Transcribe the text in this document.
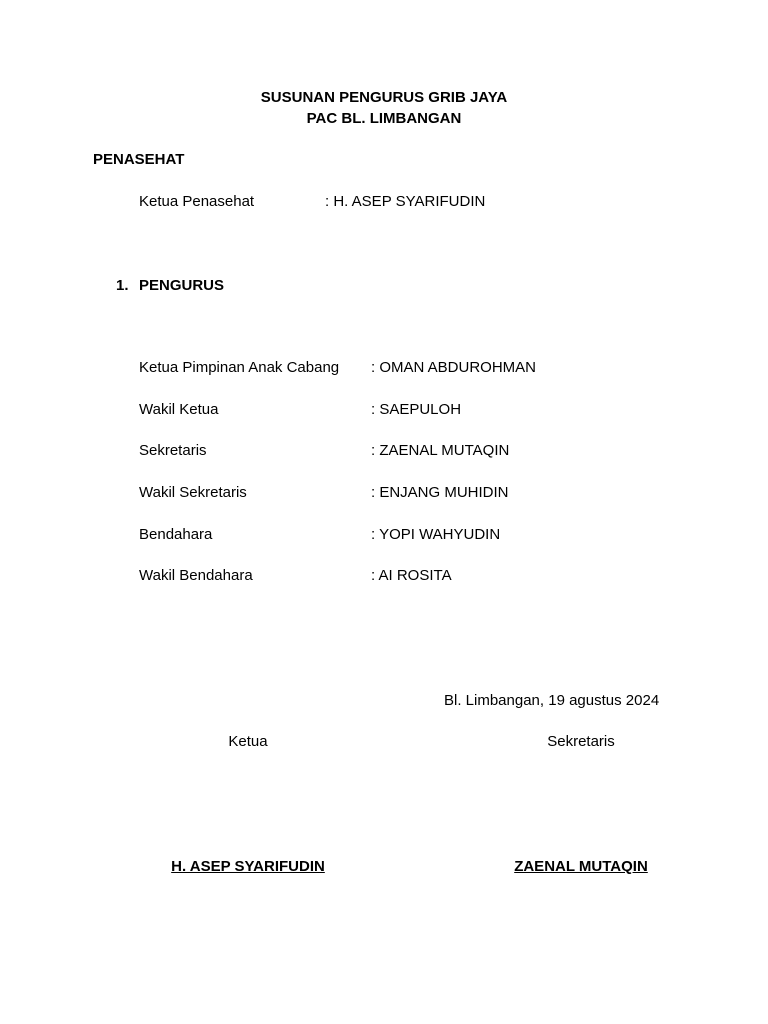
SUSUNAN PENGURUS GRIB JAYA
PAC BL. LIMBANGAN
PENASEHAT
Ketua Penasehat	: H. ASEP SYARIFUDIN
1. PENGURUS
Ketua Pimpinan Anak Cabang : OMAN ABDUROHMAN
Wakil Ketua	: SAEPULOH
Sekretaris	: ZAENAL MUTAQIN
Wakil Sekretaris	: ENJANG MUHIDIN
Bendahara	: YOPI WAHYUDIN
Wakil Bendahara	: AI ROSITA
Bl. Limbangan, 19 agustus 2024
Ketua	Sekretaris
H. ASEP SYARIFUDIN	ZAENAL MUTAQIN
